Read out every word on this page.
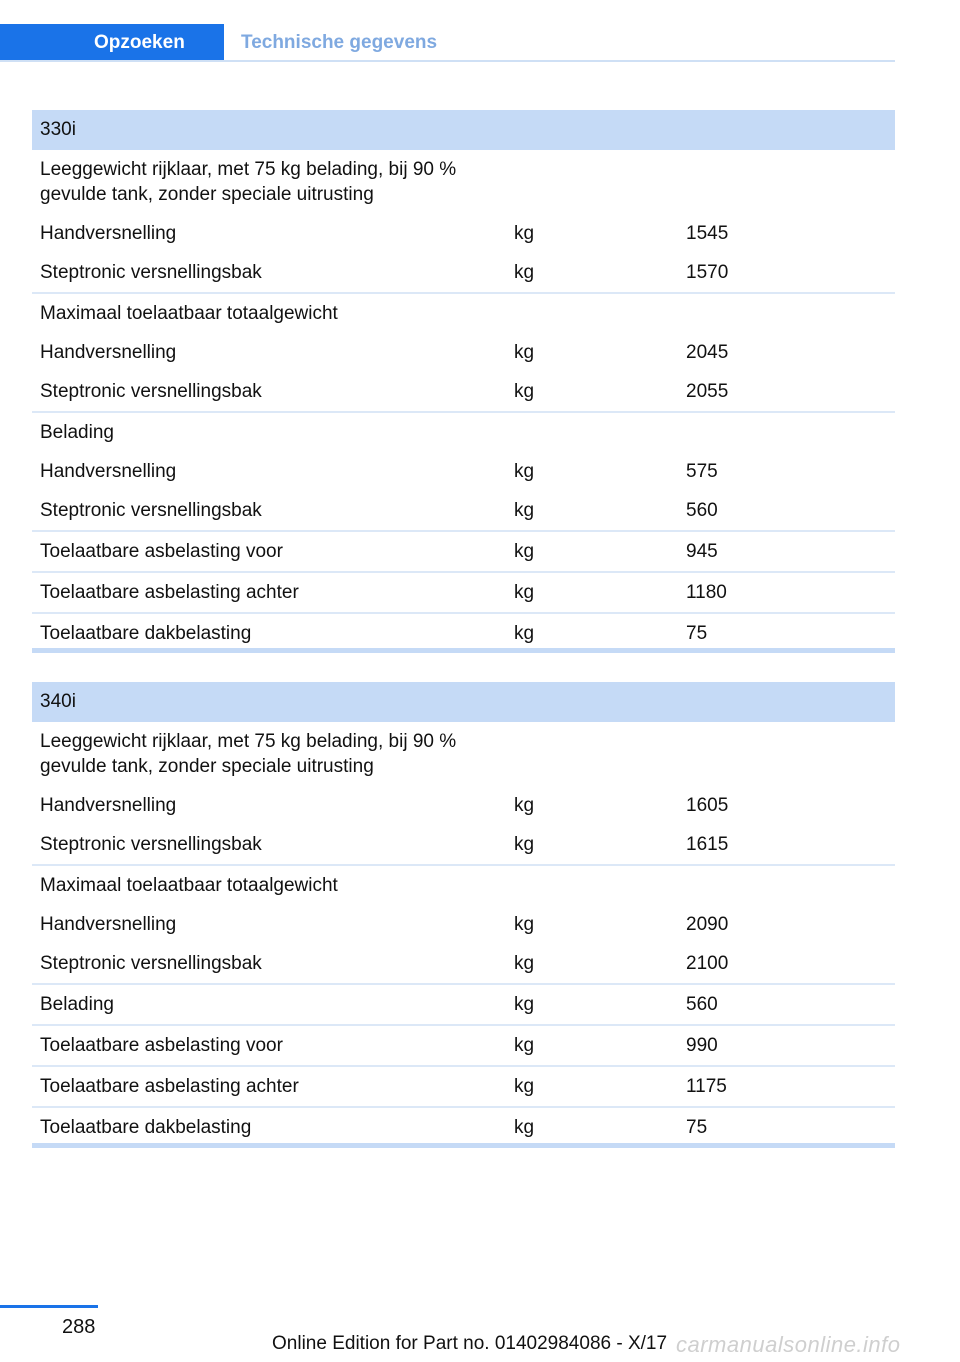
Opzoeken	Technische gegevens
330i		

Leeggewicht rijklaar, met 75 kg belading, bij 90 %
gevulde tank, zonder speciale uitrusting		

Handversnelling	kg	1545
Steptronic versnellingsbak	kg	1570
Maximaal toelaatbaar totaalgewicht		
Handversnelling	kg	2045
Steptronic versnellingsbak	kg	2055
Belading		
Handversnelling	kg	575
Steptronic versnellingsbak	kg	560
Toelaatbare asbelasting voor	kg	945
Toelaatbare asbelasting achter	kg	1180
Toelaatbare dakbelasting	kg	75
340i		

Leeggewicht rijklaar, met 75 kg belading, bij 90 %
gevulde tank, zonder speciale uitrusting		

Handversnelling	kg	1605
Steptronic versnellingsbak	kg	1615
Maximaal toelaatbaar totaalgewicht		
Handversnelling	kg	2090
Steptronic versnellingsbak	kg	2100
Belading	kg	560
Toelaatbare asbelasting voor	kg	990
Toelaatbare asbelasting achter	kg	1175
Toelaatbare dakbelasting	kg	75
288
Online Edition for Part no. 01402984086 - X/17 carmanualsonline.info
